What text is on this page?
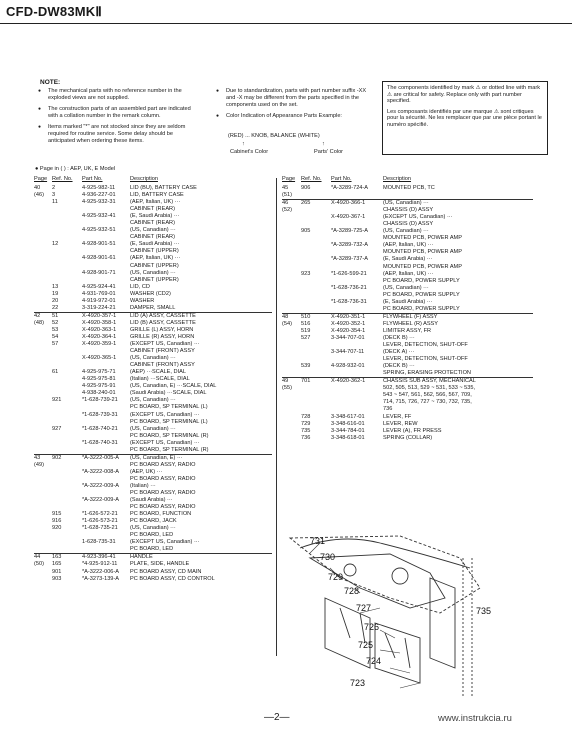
CFD-DW83MKⅡ
NOTE:
● The mechanical parts with no reference number in the exploded views are not supplied.
● The construction parts of an assembled part are indicated with a collation number in the remark column.
● Items marked "*" are not stocked since they are seldom required for routine service. Some delay should be anticipated when ordering these items.
● Due to standardization, parts with part number suffix -XX and -X may be different from the parts specified in the components used on the set.
● Color Indication of Appearance Parts Example:
(RED) ... KNOB, BALANCE (WHITE)
↑	↑
Cabinet's Color	Parts' Color
The components identified by mark ⚠ or dotted line with mark ⚠ are critical for safety. Replace only with part number specified.
Les composants identifiés par une marque ⚠ sont critiques pour la sécurité. Ne les remplacer que par une pièce portant le numéro spécifié.
● Page in ( ) : AEP, UK, E Model
Page	Ref. No.	Part No.	Description
40	2	4-925-982-11	LID (BU), BATTERY CASE
(46)	3	4-936-227-01	LID, BATTERY CASE
	11	4-925-932-31	(AEP, Italian, UK) ···
			CABINET (REAR)
		4-925-932-41	(E, Saudi Arabia) ···
			CABINET (REAR)
		4-925-932-51	(US, Canadian) ···
			CABINET (REAR)
	12	4-928-901-51	(E, Saudi Arabia) ···
			CABINET (UPPER)
		4-928-901-61	(AEP, Italian, UK) ···
			CABINET (UPPER)
		4-928-901-71	(US, Canadian) ···
			CABINET (UPPER)
	13	4-925-924-41	LID, CD
	19	4-931-769-01	WASHER (CD2)
	20	4-919-972-01	WASHER
	22	3-319-224-21	DAMPER, SMALL
42	51	X-4920-357-1	LID (A) ASSY, CASSETTE
(48)	52	X-4920-358-1	LID (B) ASSY, CASSETTE
	53	X-4920-363-1	GRILLE (L) ASSY, HORN
	54	X-4920-364-1	GRILLE (R) ASSY, HORN
	57	X-4920-359-1	(EXCEPT US, Canadian) ···
			CABINET (FRONT) ASSY
		X-4920-365-1	(US, Canadian) ···
			CABINET (FRONT) ASSY
	61	4-925-975-71	(AEP) ···SCALE, DIAL
		4-925-975-81	(Italian) ···SCALE, DIAL
		4-925-975-91	(US, Canadian, E) ···SCALE, DIAL
		4-938-240-01	(Saudi Arabia) ···SCALE, DIAL
	921	*1-628-739-21	(US, Canadian) ···
			PC BOARD, SP TERMINAL (L)
		*1-628-739-31	(EXCEPT US, Canadian) ···
			PC BOARD, SP TERMINAL (L)
	927	*1-628-740-21	(US, Canadian) ···
			PC BOARD, SP TERMINAL (R)
		*1-628-740-31	(EXCEPT US, Canadian) ···
			PC BOARD, SP TERMINAL (R)
43	902	*A-3222-005-A	(US, Canadian, E) ···
(49)			PC BOARD ASSY, RADIO
		*A-3222-008-A	(AEP, UK) ···
			PC BOARD ASSY, RADIO
		*A-3222-009-A	(Italian) ···
			PC BOARD ASSY, RADIO
		*A-3222-009-A	(Saudi Arabia) ···
			PC BOARD ASSY, RADIO
	915	*1-626-572-21	PC BOARD, FUNCTION
	916	*1-626-573-21	PC BOARD, JACK
	920	*1-628-735-21	(US, Canadian) ···
			PC BOARD, LED
		1-628-735-31	(EXCEPT US, Canadian) ···
			PC BOARD, LED
44	163	4-923-396-41	HANDLE
(50)	165	*4-925-912-11	PLATE, SIDE, HANDLE
	901	*A-3222-006-A	PC BOARD ASSY, CD MAIN
	903	*A-3273-139-A	PC BOARD ASSY, CD CONTROL
Page	Ref. No.	Part No.	Description
45	906	*A-3289-724-A	MOUNTED PCB, TC
(51)			
46	265	X-4920-366-1	(US, Canadian) ···
(52)			CHASSIS (D) ASSY
		X-4920-367-1	(EXCEPT US, Canadian) ···
			CHASSIS (D) ASSY
	905	*A-3289-725-A	(US, Canadian) ···
			MOUNTED PCB, POWER AMP
		*A-3289-732-A	(AEP, Italian, UK) ···
			MOUNTED PCB, POWER AMP
		*A-3289-737-A	(E, Saudi Arabia) ···
			MOUNTED PCB, POWER AMP
	923	*1-626-599-21	(AEP, Italian, UK) ···
			PC BOARD, POWER SUPPLY
		*1-628-736-21	(US, Canadian) ···
			PC BOARD, POWER SUPPLY
		*1-628-736-31	(E, Saudi Arabia) ···
			PC BOARD, POWER SUPPLY

48	510	X-4920-351-1	FLYWHEEL (F) ASSY
(54)	516	X-4920-352-1	FLYWHEEL (R) ASSY
	519	X-4920-354-1	LIMITER ASSY, FR
	527	3-344-707-01	(DECK B) ···
			LEVER, DETECTION, SHUT-OFF
		3-344-707-11	(DECK A) ···
			LEVER, DETECTION, SHUT-OFF
	539	4-928-932-01	(DECK B) ···
			SPRING, ERASING PROTECTION
49	701	X-4920-362-1	CHASSIS SUB ASSY, MECHANICAL
(55)			502, 505, 513, 529 ~ 531, 533 ~ 535,
			543 ~ 547, 561, 562, 566, 567, 709,
			714, 715, 726, 727 ~ 730, 732, 735,
			736
	728	3-348-617-01	LEVER, FF
	729	3-348-616-01	LEVER, REW
	735	3-344-784-01	LEVER (A), FR PRESS
	736	3-348-618-01	SPRING (COLLAR)
731
730
729
728
727
726
725
724
723
735
—2—	www.instrukcia.ru
